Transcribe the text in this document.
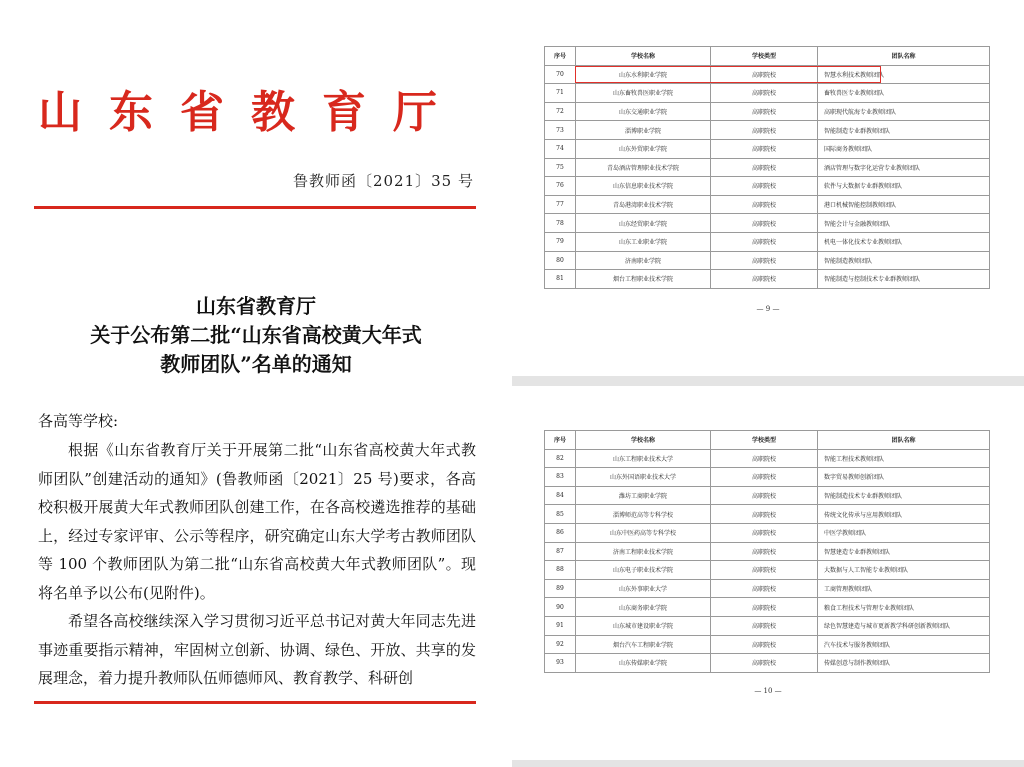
山东省教育厅

鲁教师函〔2021〕35 号

山东省教育厅
关于公布第二批“山东省高校黄大年式
教师团队”名单的通知

各高等学校:

根据《山东省教育厅关于开展第二批“山东省高校黄大年式教师团队”创建活动的通知》(鲁教师函〔2021〕25 号)要求，各高校积极开展黄大年式教师团队创建工作，在各高校遴选推荐的基础上，经过专家评审、公示等程序，研究确定山东大学考古教师团队等 100 个教师团队为第二批“山东省高校黄大年式教师团队”。现将名单予以公布(见附件)。

希望各高校继续深入学习贯彻习近平总书记对黄大年同志先进事迹重要指示精神，牢固树立创新、协调、绿色、开放、共享的发展理念，着力提升教师队伍师德师风、教育教学、科研创

序号	学校名称	学校类型	团队名称
70	山东水利职业学院	高职院校	智慧水利技术教师团队
71	山东畜牧兽医职业学院	高职院校	畜牧兽医专业教师团队
72	山东交通职业学院	高职院校	高职现代航海专业教师团队
73	淄博职业学院	高职院校	智能制造专业群教师团队
74	山东外贸职业学院	高职院校	国际商务教师团队
75	青岛酒店管理职业技术学院	高职院校	酒店管理与数字化运营专业教师团队
76	山东信息职业技术学院	高职院校	软件与大数据专业群教师团队
77	青岛港湾职业技术学院	高职院校	港口机械智能控制教师团队
78	山东经贸职业学院	高职院校	智能会计与金融教师团队
79	山东工业职业学院	高职院校	机电一体化技术专业教师团队
80	济南职业学院	高职院校	智能制造教师团队
81	烟台工程职业技术学院	高职院校	智能制造与控制技术专业群教师团队

— 9 —

序号	学校名称	学校类型	团队名称
82	山东工程职业技术大学	高职院校	智能工程技术教师团队
83	山东外国语职业技术大学	高职院校	数字贸易教师创新团队
84	潍坊工商职业学院	高职院校	智能制造技术专业群教师团队
85	淄博师范高等专科学校	高职院校	传统文化传承与应用教师团队
86	山东中医药高等专科学校	高职院校	中医学教师团队
87	济南工程职业技术学院	高职院校	智慧建造专业群教师团队
88	山东电子职业技术学院	高职院校	大数据与人工智能专业教师团队
89	山东外事职业大学	高职院校	工商管理教师团队
90	山东商务职业学院	高职院校	粮食工程技术与管理专业教师团队
91	山东城市建设职业学院	高职院校	绿色智慧建造与城市更新教学科研创新教师团队
92	烟台汽车工程职业学院	高职院校	汽车技术与服务教师团队
93	山东传媒职业学院	高职院校	传媒创意与制作教师团队

— 10 —
